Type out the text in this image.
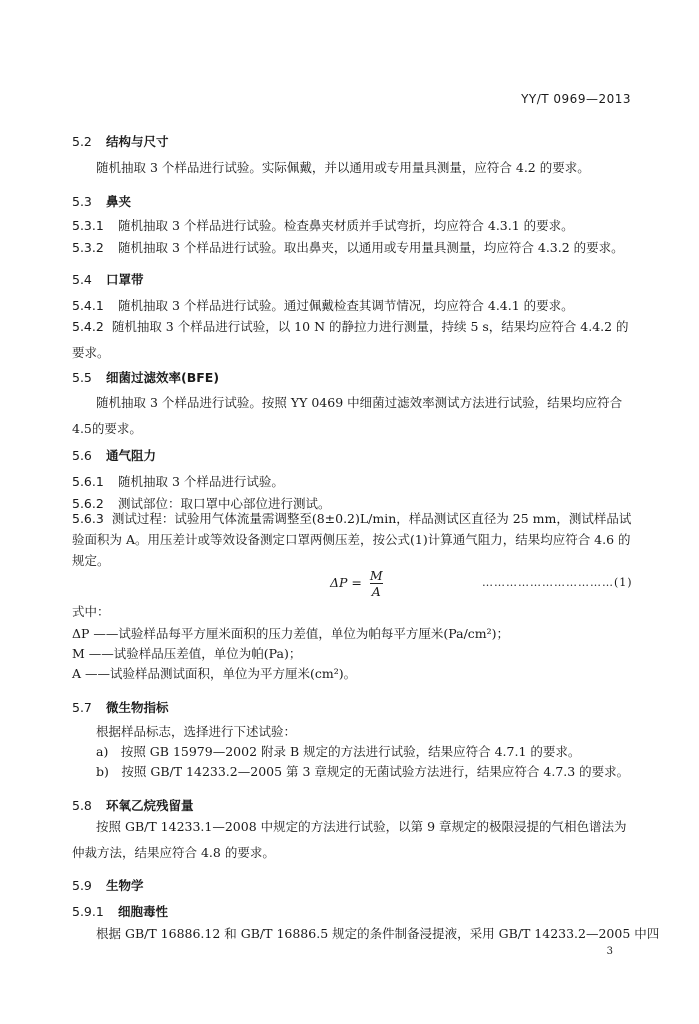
YY/T 0969—2013
5.2 结构与尺寸
随机抽取 3 个样品进行试验。实际佩戴，并以通用或专用量具测量，应符合 4.2 的要求。
5.3 鼻夹
5.3.1 随机抽取 3 个样品进行试验。检查鼻夹材质并手试弯折，均应符合 4.3.1 的要求。
5.3.2 随机抽取 3 个样品进行试验。取出鼻夹，以通用或专用量具测量，均应符合 4.3.2 的要求。
5.4 口罩带
5.4.1 随机抽取 3 个样品进行试验。通过佩戴检查其调节情况，均应符合 4.4.1 的要求。
5.4.2 随机抽取 3 个样品进行试验，以 10 N 的静拉力进行测量，持续 5 s，结果均应符合 4.4.2 的要求。
5.5 细菌过滤效率(BFE)
随机抽取 3 个样品进行试验。按照 YY 0469 中细菌过滤效率测试方法进行试验，结果均应符合 4.5的要求。
5.6 通气阻力
5.6.1 随机抽取 3 个样品进行试验。
5.6.2 测试部位：取口罩中心部位进行测试。
5.6.3 测试过程：试验用气体流量需调整至(8±0.2)L/min，样品测试区直径为 25 mm，测试样品试验面积为 A。用压差计或等效设备测定口罩两侧压差，按公式(1)计算通气阻力，结果均应符合 4.6 的规定。
$\Delta P = \frac{M}{A}$	……………………………(1)
式中：
ΔP ——试验样品每平方厘米面积的压力差值，单位为帕每平方厘米(Pa/cm²)；
M ——试验样品压差值，单位为帕(Pa)；
A ——试验样品测试面积，单位为平方厘米(cm²)。
5.7 微生物指标
根据样品标志，选择进行下述试验：
a)　按照 GB 15979—2002 附录 B 规定的方法进行试验，结果应符合 4.7.1 的要求。
b)　按照 GB/T 14233.2—2005 第 3 章规定的无菌试验方法进行，结果应符合 4.7.3 的要求。
5.8 环氧乙烷残留量
按照 GB/T 14233.1—2008 中规定的方法进行试验，以第 9 章规定的极限浸提的气相色谱法为仲裁方法，结果应符合 4.8 的要求。
5.9 生物学
5.9.1 细胞毒性
根据 GB/T 16886.12 和 GB/T 16886.5 规定的条件制备浸提液，采用 GB/T 14233.2—2005 中四
3
